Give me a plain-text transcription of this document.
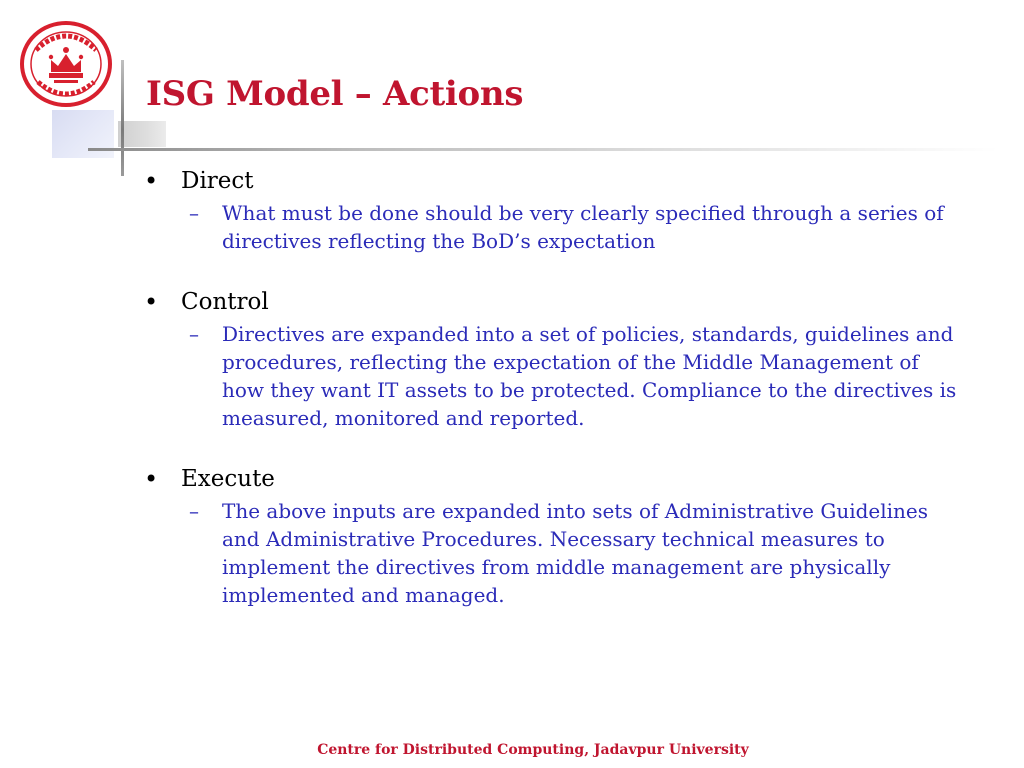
ISG Model – Actions
• Direct
–	What must be done should be very clearly specified through a series of directives reflecting the BoD’s expectation
• Control
–	Directives are expanded into a set of policies, standards, guidelines and procedures, reflecting the expectation of the Middle Management of how they want IT assets to be protected. Compliance to the directives is measured, monitored and reported.
• Execute
–	The above inputs are expanded into sets of Administrative Guidelines and Administrative Procedures. Necessary technical measures to implement the directives from middle management are physically implemented and managed.
Centre for Distributed Computing, Jadavpur University
